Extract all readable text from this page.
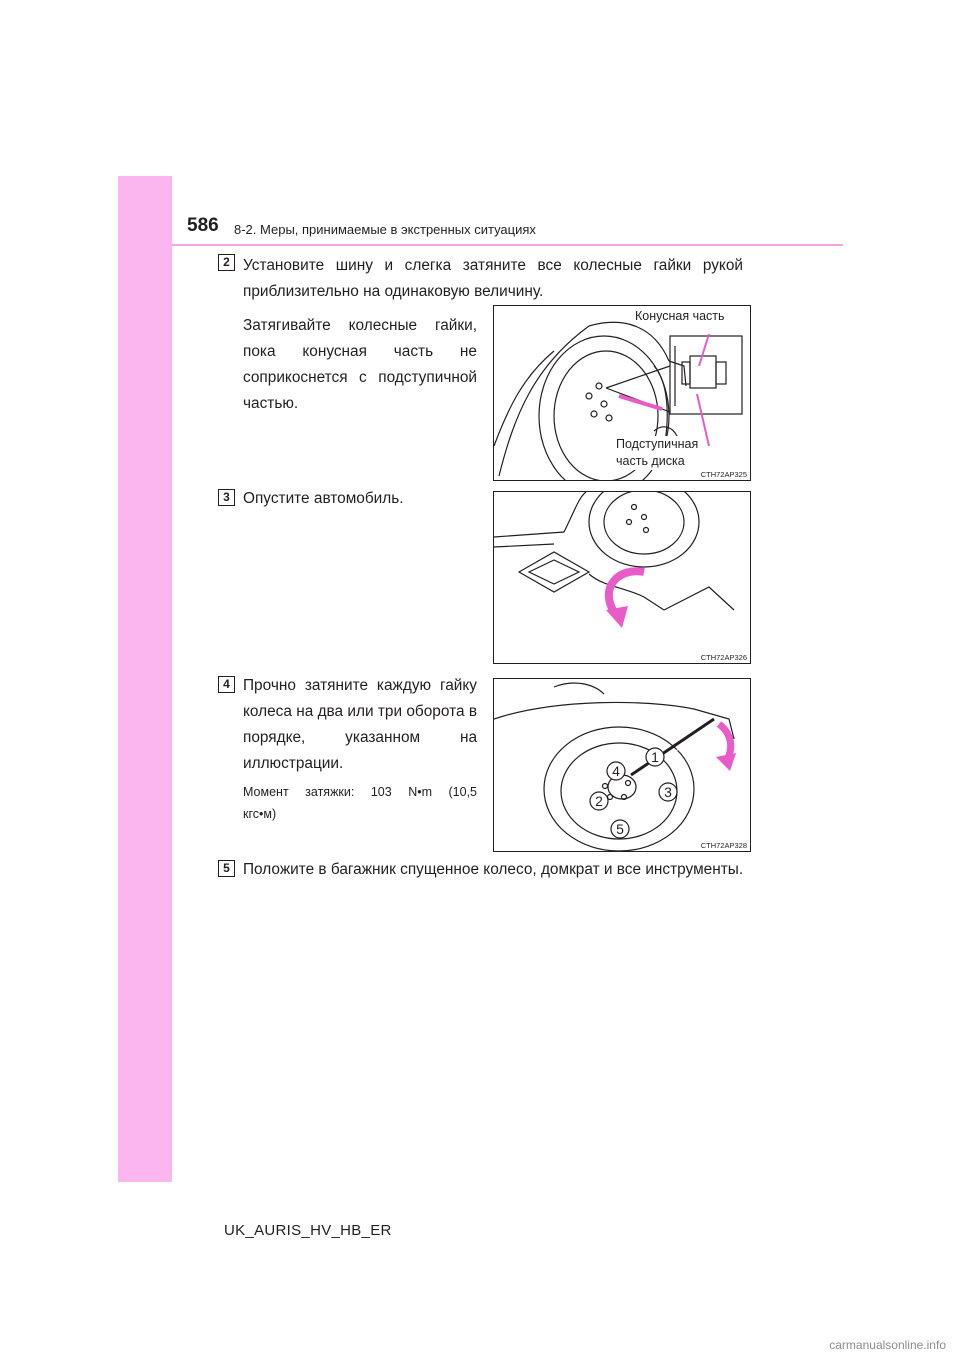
586 8-2. Меры, принимаемые в экстренных ситуациях
2 Установите шину и слегка затяните все колесные гайки рукой
приблизительно на одинаковую величину.
Затягивайте колесные гайки,
пока конусная часть не
соприкоснется с подступичной
частью.
Конусная часть
Подступичная
часть диска
CTH72AP325
3 Опустите автомобиль.
CTH72AP326
4 Прочно затяните каждую гайку
колеса на два или три оборота в
порядке, указанном на
иллюстрации.
Момент затяжки: 103 N•m (10,5
кгс•м)
1
2
3
4
5
CTH72AP328
5 Положите в багажник спущенное колесо, домкрат и все инструменты.
UK_AURIS_HV_HB_ER
carmanualsonline.info
